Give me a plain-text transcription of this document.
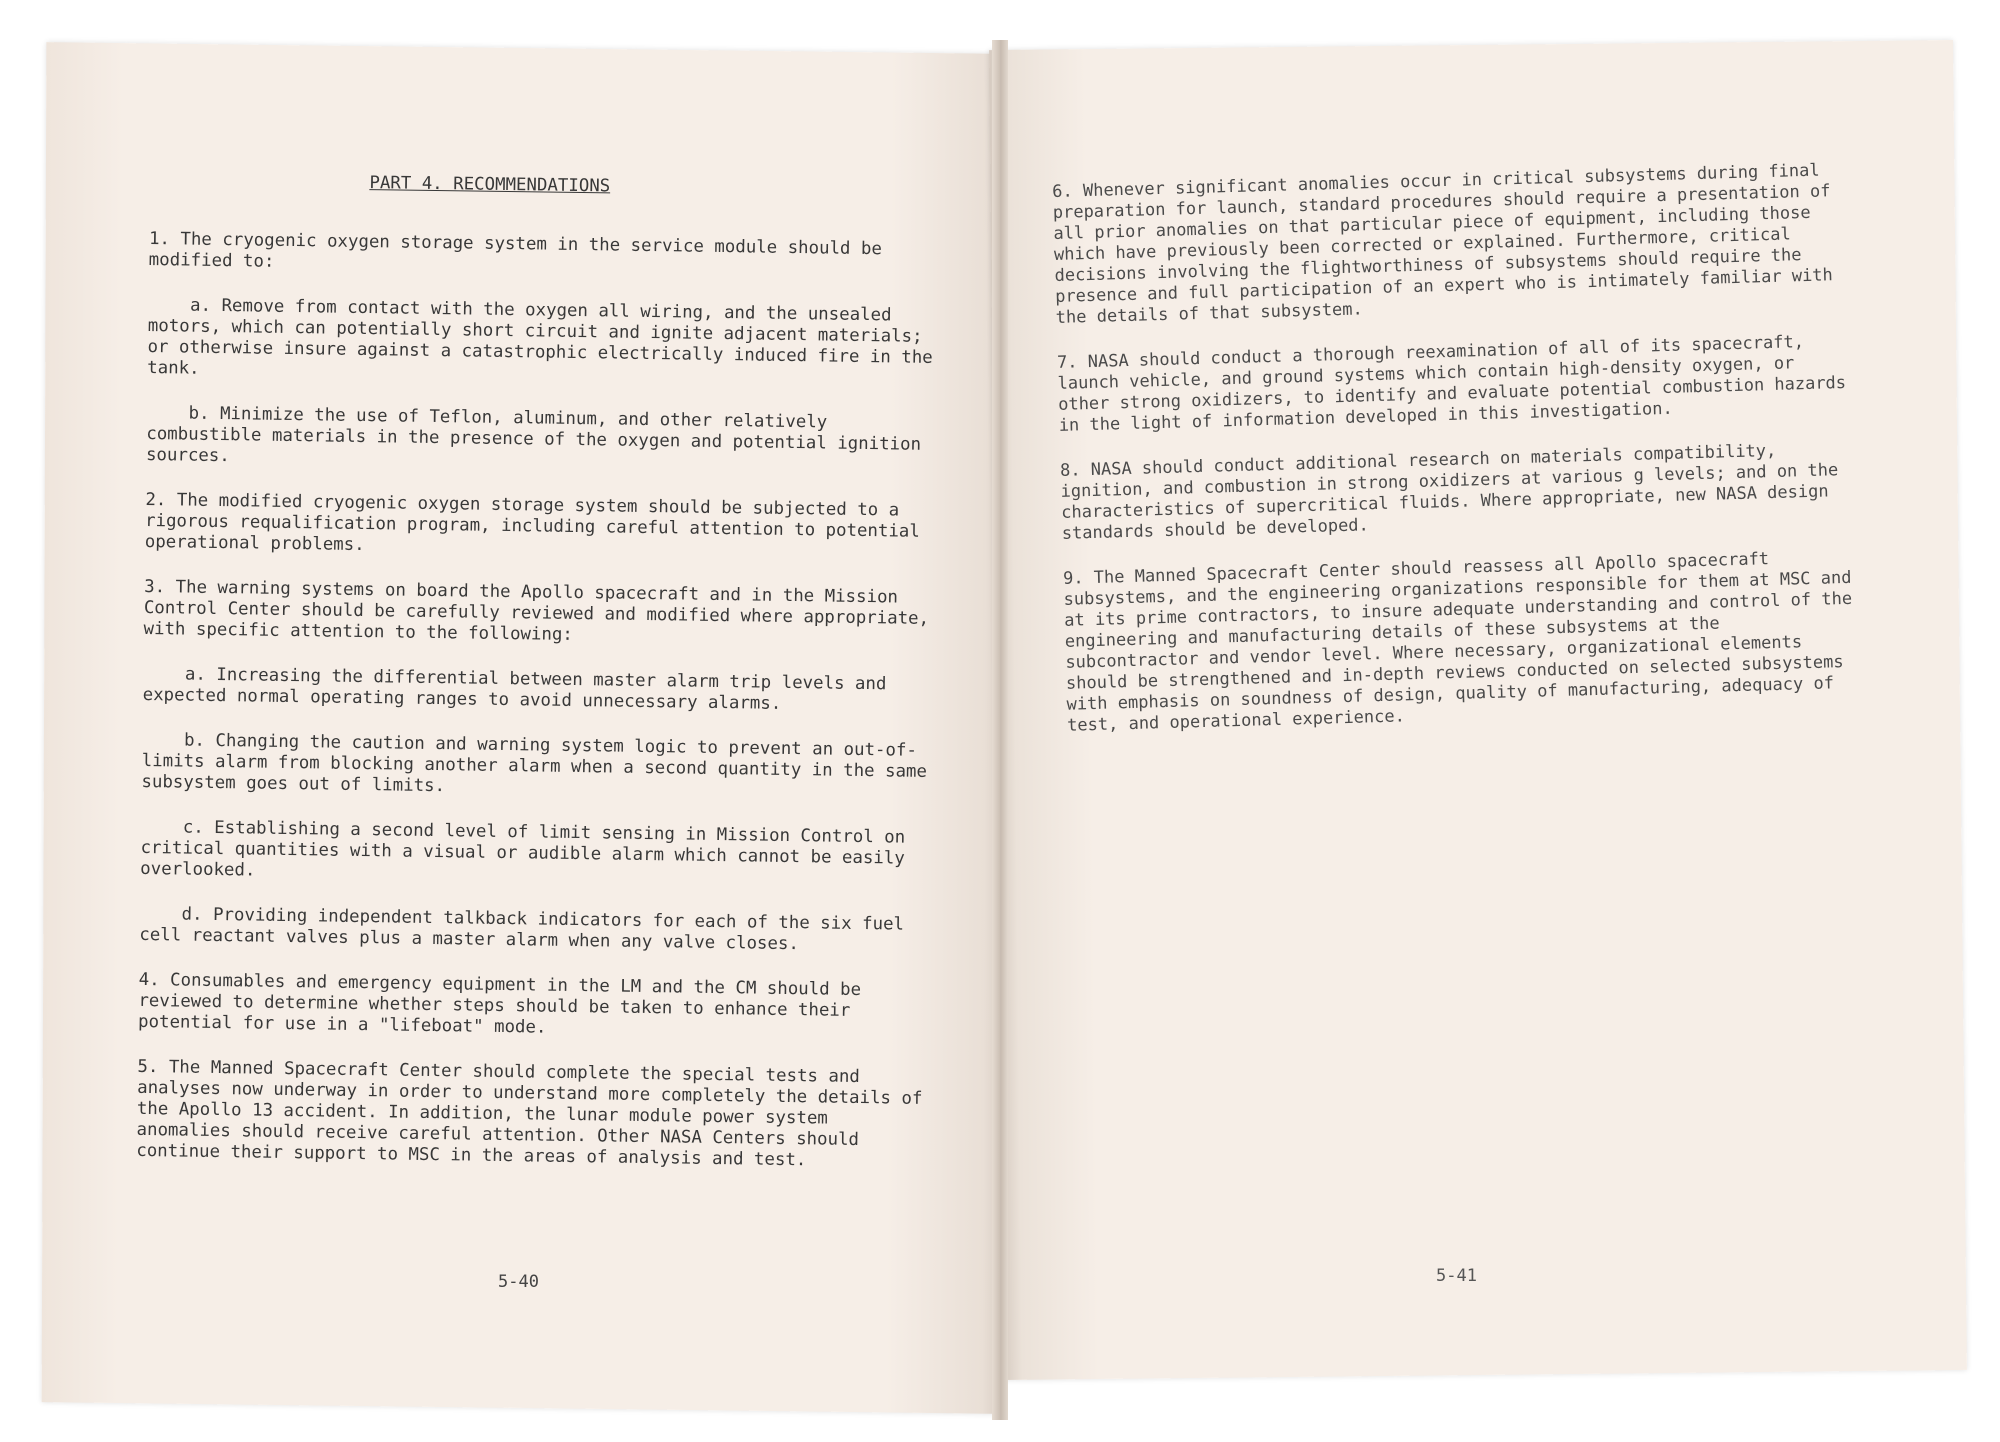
PART 4. RECOMMENDATIONS

1. The cryogenic oxygen storage system in the service module should be modified to:

a. Remove from contact with the oxygen all wiring, and the unsealed motors, which can potentially short circuit and ignite adjacent materials; or otherwise insure against a catastrophic electrically induced fire in the tank.

b. Minimize the use of Teflon, aluminum, and other relatively combustible materials in the presence of the oxygen and potential ignition sources.

2. The modified cryogenic oxygen storage system should be subjected to a rigorous requalification program, including careful attention to potential operational problems.

3. The warning systems on board the Apollo spacecraft and in the Mission Control Center should be carefully reviewed and modified where appropriate, with specific attention to the following:

a. Increasing the differential between master alarm trip levels and expected normal operating ranges to avoid unnecessary alarms.

b. Changing the caution and warning system logic to prevent an out-of-limits alarm from blocking another alarm when a second quantity in the same subsystem goes out of limits.

c. Establishing a second level of limit sensing in Mission Control on critical quantities with a visual or audible alarm which cannot be easily overlooked.

d. Providing independent talkback indicators for each of the six fuel cell reactant valves plus a master alarm when any valve closes.

4. Consumables and emergency equipment in the LM and the CM should be reviewed to determine whether steps should be taken to enhance their potential for use in a "lifeboat" mode.

5. The Manned Spacecraft Center should complete the special tests and analyses now underway in order to understand more completely the details of the Apollo 13 accident. In addition, the lunar module power system anomalies should receive careful attention. Other NASA Centers should continue their support to MSC in the areas of analysis and test.

5-40

6. Whenever significant anomalies occur in critical subsystems during final preparation for launch, standard procedures should require a presentation of all prior anomalies on that particular piece of equipment, including those which have previously been corrected or explained. Furthermore, critical decisions involving the flightworthiness of subsystems should require the presence and full participation of an expert who is intimately familiar with the details of that subsystem.

7. NASA should conduct a thorough reexamination of all of its spacecraft, launch vehicle, and ground systems which contain high-density oxygen, or other strong oxidizers, to identify and evaluate potential combustion hazards in the light of information developed in this investigation.

8. NASA should conduct additional research on materials compatibility, ignition, and combustion in strong oxidizers at various g levels; and on the characteristics of supercritical fluids. Where appropriate, new NASA design standards should be developed.

9. The Manned Spacecraft Center should reassess all Apollo spacecraft subsystems, and the engineering organizations responsible for them at MSC and at its prime contractors, to insure adequate understanding and control of the engineering and manufacturing details of these subsystems at the subcontractor and vendor level. Where necessary, organizational elements should be strengthened and in-depth reviews conducted on selected subsystems with emphasis on soundness of design, quality of manufacturing, adequacy of test, and operational experience.

5-41
